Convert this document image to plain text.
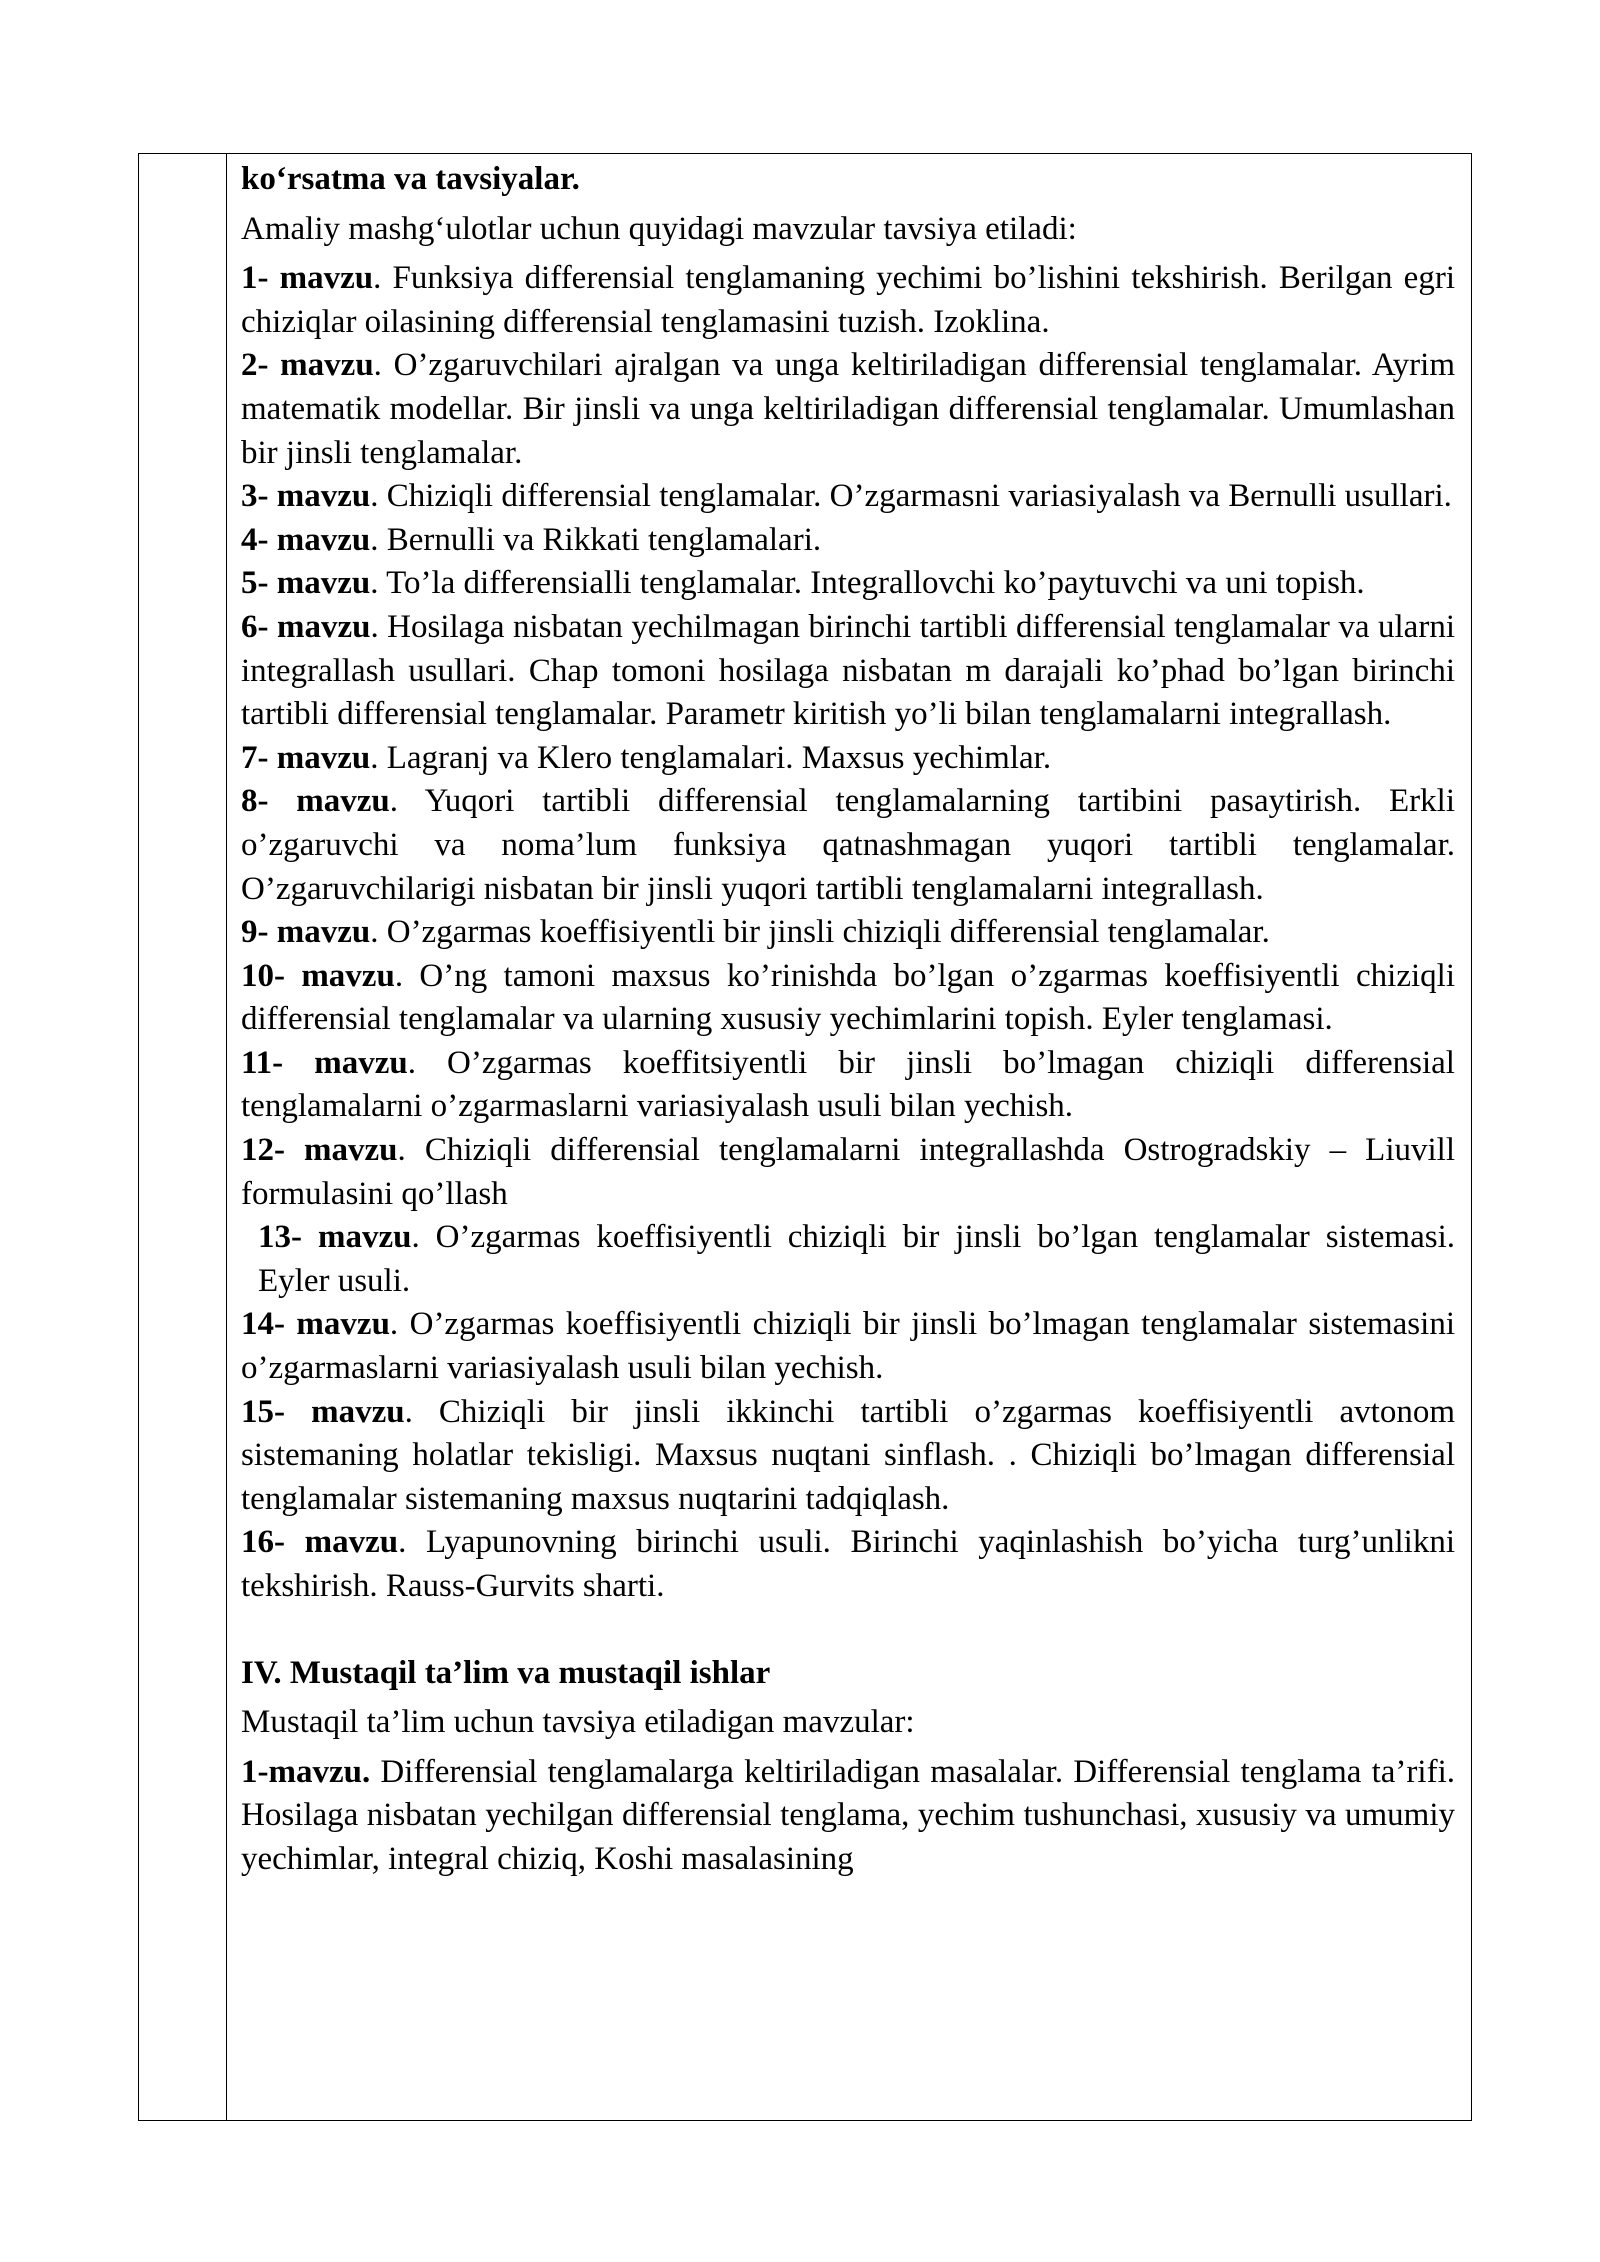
ko‘rsatma va tavsiyalar.

Amaliy mashg‘ulotlar uchun quyidagi mavzular tavsiya etiladi:

1- mavzu. Funksiya differensial tenglamaning yechimi bo’lishini tekshirish. Berilgan egri chiziqlar oilasining differensial tenglamasini tuzish. Izoklina.

2- mavzu. O’zgaruvchilari ajralgan va unga keltiriladigan differensial tenglamalar. Ayrim matematik modellar. Bir jinsli va unga keltiriladigan differensial tenglamalar. Umumlashan bir jinsli tenglamalar.

3- mavzu. Chiziqli differensial tenglamalar. O’zgarmasni variasiyalash va Bernulli usullari.

4- mavzu. Bernulli va Rikkati tenglamalari.

5- mavzu. To’la differensialli tenglamalar. Integrallovchi ko’paytuvchi va uni topish.

6- mavzu. Hosilaga nisbatan yechilmagan birinchi tartibli differensial tenglamalar va ularni integrallash usullari. Chap tomoni hosilaga nisbatan m darajali ko’phad bo’lgan birinchi tartibli differensial tenglamalar. Parametr kiritish yo’li bilan tenglamalarni integrallash.

7- mavzu. Lagranj va Klero tenglamalari. Maxsus yechimlar.

8- mavzu. Yuqori tartibli differensial tenglamalarning tartibini pasaytirish. Erkli o’zgaruvchi va noma’lum funksiya qatnashmagan yuqori tartibli tenglamalar. O’zgaruvchilarigi nisbatan bir jinsli yuqori tartibli tenglamalarni integrallash.

9- mavzu. O’zgarmas koeffisiyentli bir jinsli chiziqli differensial tenglamalar.

10- mavzu. O’ng tamoni maxsus ko’rinishda bo’lgan o’zgarmas koeffisiyentli chiziqli differensial tenglamalar va ularning xususiy yechimlarini topish. Eyler tenglamasi.

11- mavzu. O’zgarmas koeffitsiyentli bir jinsli bo’lmagan chiziqli differensial tenglamalarni o’zgarmaslarni variasiyalash usuli bilan yechish.

12- mavzu. Chiziqli differensial tenglamalarni integrallashda Ostrogradskiy – Liuvill formulasini qo’llash

13- mavzu. O’zgarmas koeffisiyentli chiziqli bir jinsli bo’lgan tenglamalar sistemasi. Eyler usuli.

14- mavzu. O’zgarmas koeffisiyentli chiziqli bir jinsli bo’lmagan tenglamalar sistemasini o’zgarmaslarni variasiyalash usuli bilan yechish.

15- mavzu. Chiziqli bir jinsli ikkinchi tartibli o’zgarmas koeffisiyentli avtonom sistemaning holatlar tekisligi. Maxsus nuqtani sinflash. . Chiziqli bo’lmagan differensial tenglamalar sistemaning maxsus nuqtarini tadqiqlash.

16- mavzu. Lyapunovning birinchi usuli. Birinchi yaqinlashish bo’yicha turg’unlikni tekshirish. Rauss-Gurvits sharti.

IV. Mustaqil ta’lim va mustaqil ishlar

Mustaqil ta’lim uchun tavsiya etiladigan mavzular:

1-mavzu. Differensial tenglamalarga keltiriladigan masalalar. Differensial tenglama ta’rifi. Hosilaga nisbatan yechilgan differensial tenglama, yechim tushunchasi, xususiy va umumiy yechimlar, integral chiziq, Koshi masalasining
